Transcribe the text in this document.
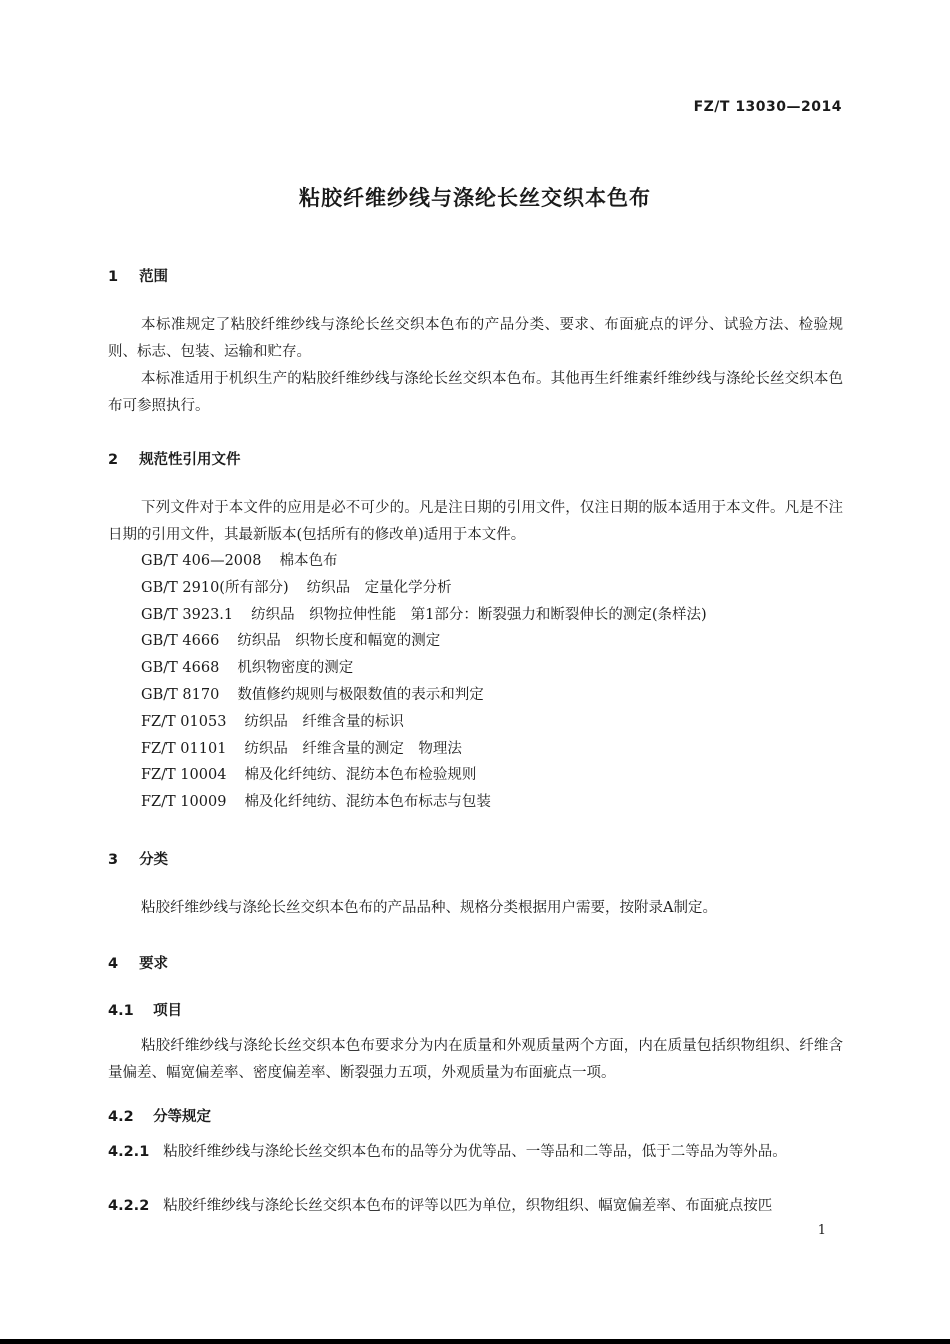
FZ/T 13030—2014
粘胶纤维纱线与涤纶长丝交织本色布
1 范围
本标准规定了粘胶纤维纱线与涤纶长丝交织本色布的产品分类、要求、布面疵点的评分、试验方法、检验规则、标志、包装、运输和贮存。
本标准适用于机织生产的粘胶纤维纱线与涤纶长丝交织本色布。其他再生纤维素纤维纱线与涤纶长丝交织本色布可参照执行。
2 规范性引用文件
下列文件对于本文件的应用是必不可少的。凡是注日期的引用文件，仅注日期的版本适用于本文件。凡是不注日期的引用文件，其最新版本(包括所有的修改单)适用于本文件。
GB/T 406—2008 棉本色布
GB/T 2910(所有部分) 纺织品　定量化学分析
GB/T 3923.1 纺织品　织物拉伸性能　第1部分：断裂强力和断裂伸长的测定(条样法)
GB/T 4666 纺织品　织物长度和幅宽的测定
GB/T 4668 机织物密度的测定
GB/T 8170 数值修约规则与极限数值的表示和判定
FZ/T 01053 纺织品　纤维含量的标识
FZ/T 01101 纺织品　纤维含量的测定　物理法
FZ/T 10004 棉及化纤纯纺、混纺本色布检验规则
FZ/T 10009 棉及化纤纯纺、混纺本色布标志与包装
3 分类
粘胶纤维纱线与涤纶长丝交织本色布的产品品种、规格分类根据用户需要，按附录A制定。
4 要求
4.1 项目
粘胶纤维纱线与涤纶长丝交织本色布要求分为内在质量和外观质量两个方面，内在质量包括织物组织、纤维含量偏差、幅宽偏差率、密度偏差率、断裂强力五项，外观质量为布面疵点一项。
4.2 分等规定
4.2.1 粘胶纤维纱线与涤纶长丝交织本色布的品等分为优等品、一等品和二等品，低于二等品为等外品。
4.2.2 粘胶纤维纱线与涤纶长丝交织本色布的评等以匹为单位，织物组织、幅宽偏差率、布面疵点按匹
1
